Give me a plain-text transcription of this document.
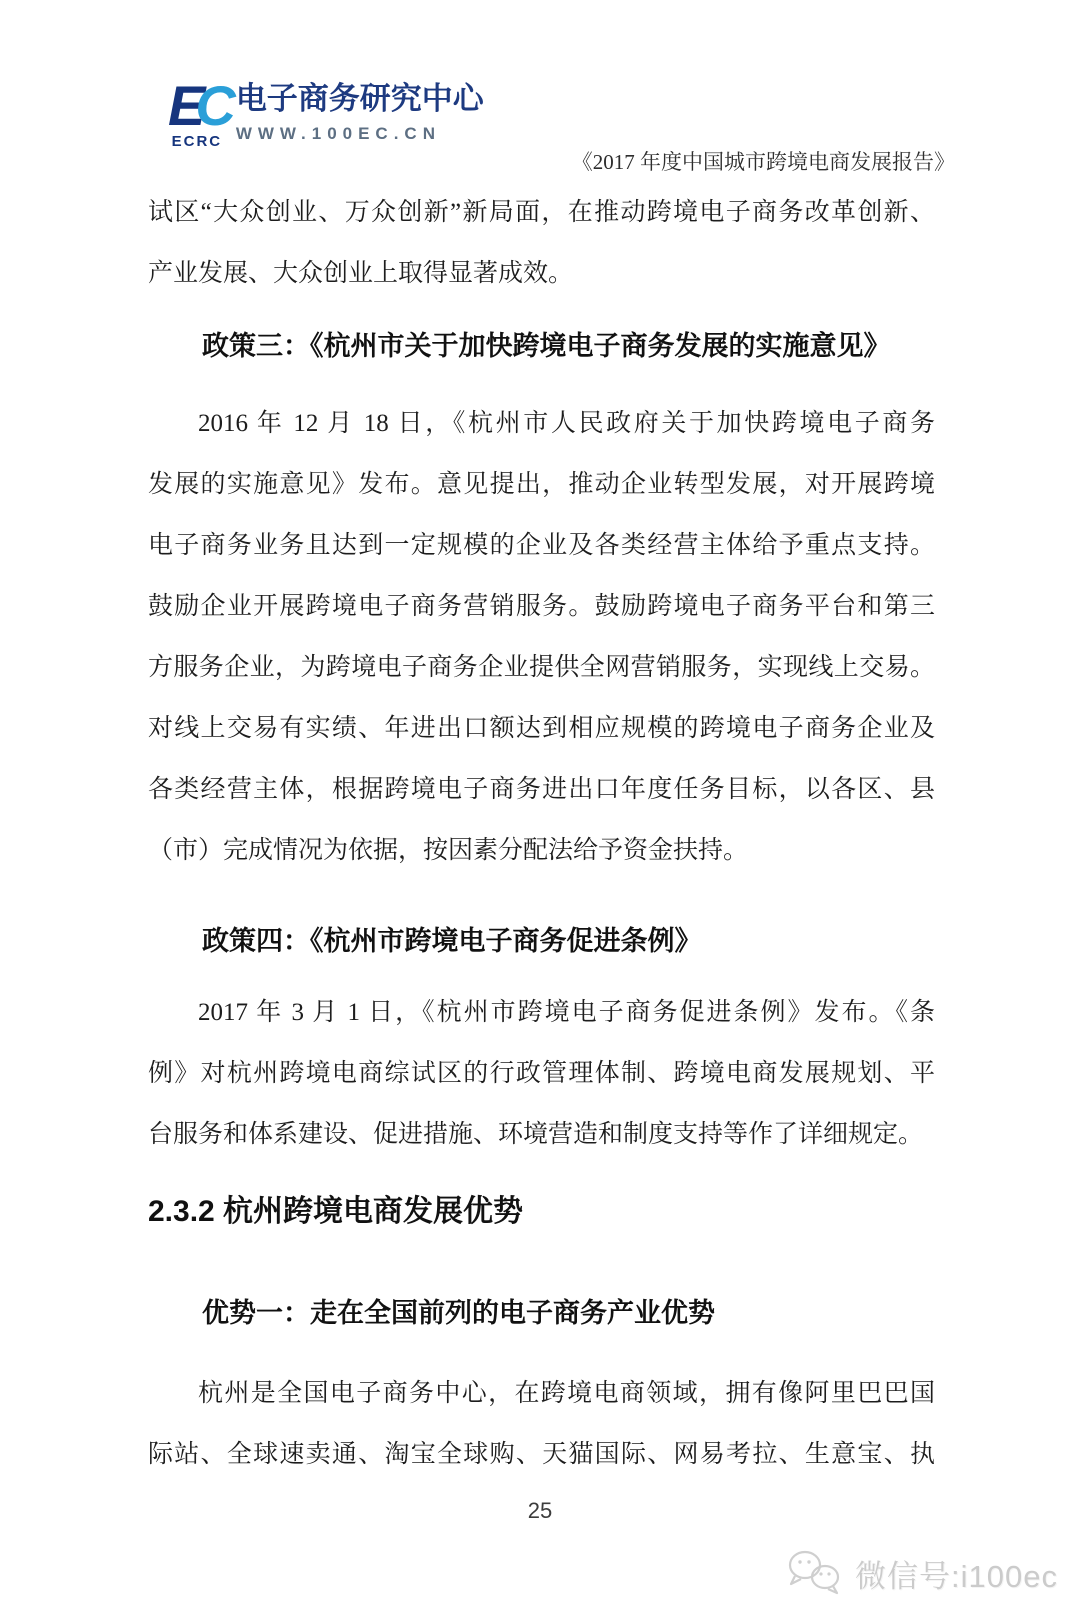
EC
ECRC
电子商务研究中心
WWW.100EC.CN
《2017 年度中国城市跨境电商发展报告》
试区“大众创业、万众创新”新局面，在推动跨境电子商务改革创新、
产业发展、大众创业上取得显著成效。
政策三：《杭州市关于加快跨境电子商务发展的实施意见》
2016 年 12 月 18 日，《杭州市人民政府关于加快跨境电子商务
发展的实施意见》发布。意见提出，推动企业转型发展，对开展跨境
电子商务业务且达到一定规模的企业及各类经营主体给予重点支持。
鼓励企业开展跨境电子商务营销服务。鼓励跨境电子商务平台和第三
方服务企业，为跨境电子商务企业提供全网营销服务，实现线上交易。
对线上交易有实绩、年进出口额达到相应规模的跨境电子商务企业及
各类经营主体，根据跨境电子商务进出口年度任务目标，以各区、县
（市）完成情况为依据，按因素分配法给予资金扶持。
政策四：《杭州市跨境电子商务促进条例》
2017 年 3 月 1 日，《杭州市跨境电子商务促进条例》发布。《条
例》对杭州跨境电商综试区的行政管理体制、跨境电商发展规划、平
台服务和体系建设、促进措施、环境营造和制度支持等作了详细规定。
2.3.2 杭州跨境电商发展优势
优势一：走在全国前列的电子商务产业优势
杭州是全国电子商务中心，在跨境电商领域，拥有像阿里巴巴国
际站、全球速卖通、淘宝全球购、天猫国际、网易考拉、生意宝、执
25
微信号:i100ec
